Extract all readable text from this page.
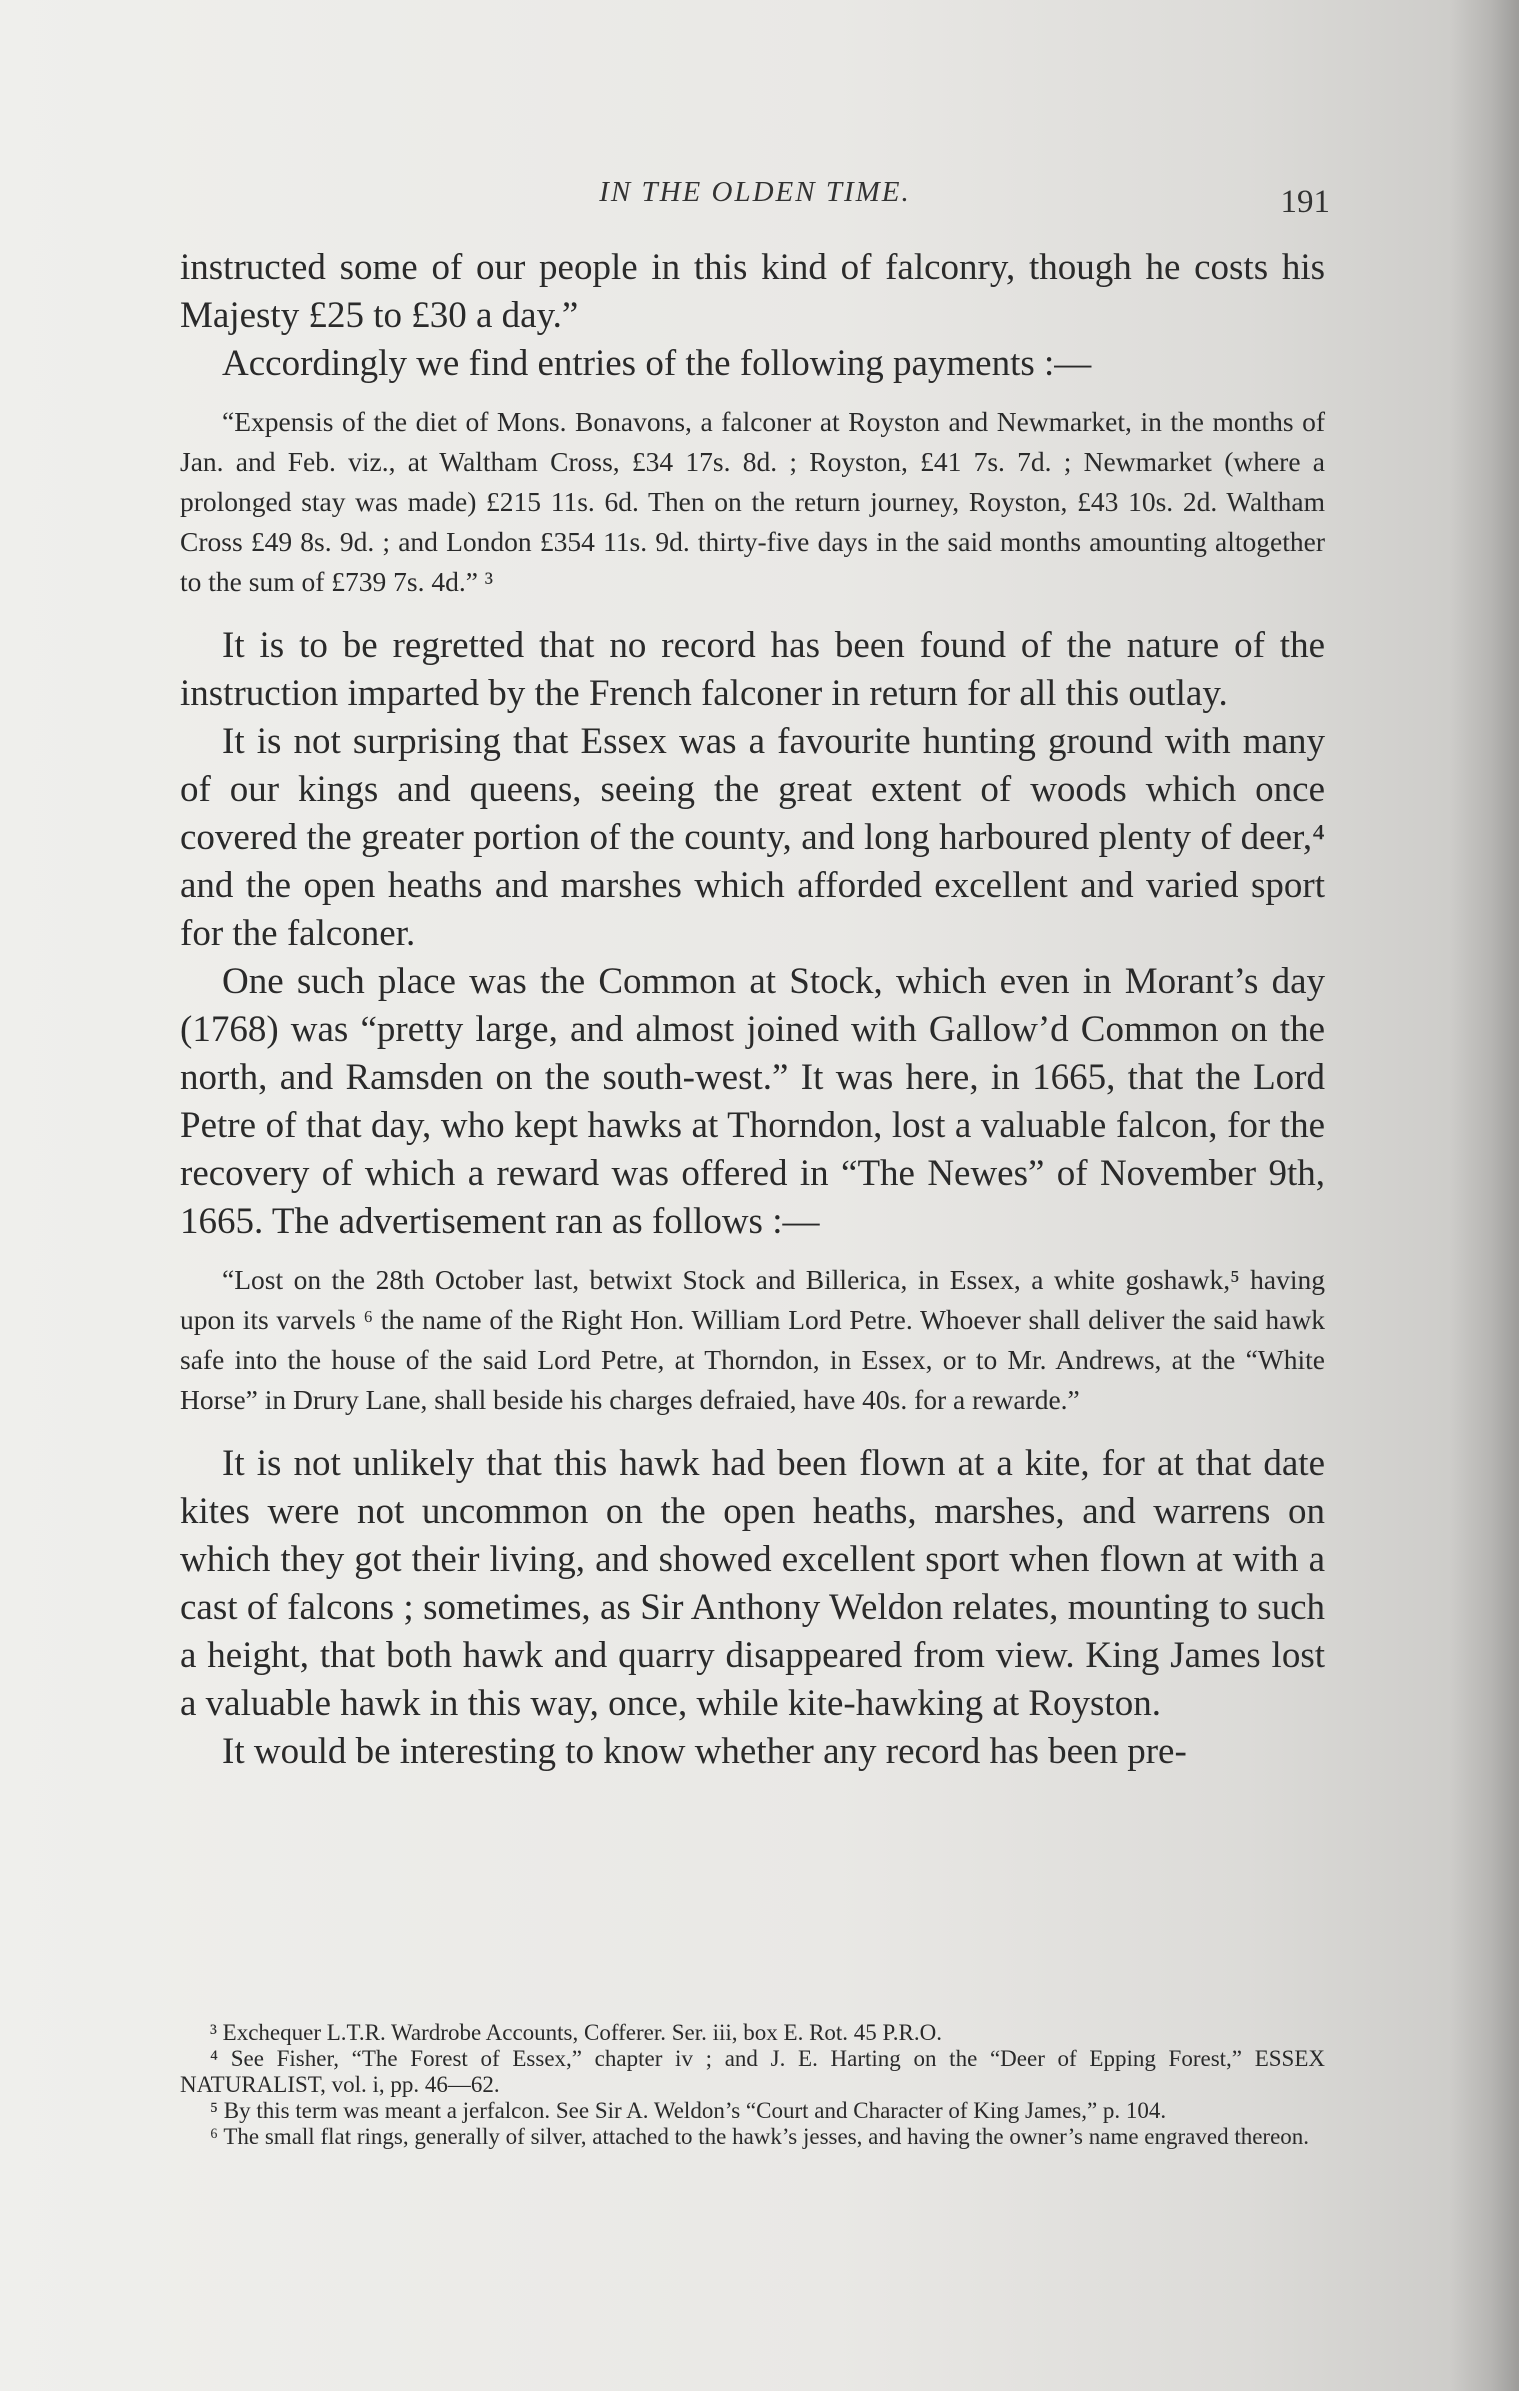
IN THE OLDEN TIME.	191

instructed some of our people in this kind of falconry, though he costs his Majesty £25 to £30 a day.”

Accordingly we find entries of the following payments :—

“Expensis of the diet of Mons. Bonavons, a falconer at Royston and Newmarket, in the months of Jan. and Feb. viz., at Waltham Cross, £34 17s. 8d. ; Royston, £41 7s. 7d. ; Newmarket (where a prolonged stay was made) £215 11s. 6d. Then on the return journey, Royston, £43 10s. 2d. Waltham Cross £49 8s. 9d. ; and London £354 11s. 9d. thirty-five days in the said months amounting altogether to the sum of £739 7s. 4d.” ³

It is to be regretted that no record has been found of the nature of the instruction imparted by the French falconer in return for all this outlay.

It is not surprising that Essex was a favourite hunting ground with many of our kings and queens, seeing the great extent of woods which once covered the greater portion of the county, and long harboured plenty of deer,⁴ and the open heaths and marshes which afforded excellent and varied sport for the falconer.

One such place was the Common at Stock, which even in Morant’s day (1768) was “pretty large, and almost joined with Gallow’d Common on the north, and Ramsden on the south-west.” It was here, in 1665, that the Lord Petre of that day, who kept hawks at Thorndon, lost a valuable falcon, for the recovery of which a reward was offered in “The Newes” of November 9th, 1665. The advertisement ran as follows :—

“Lost on the 28th October last, betwixt Stock and Billerica, in Essex, a white goshawk,⁵ having upon its varvels ⁶ the name of the Right Hon. William Lord Petre. Whoever shall deliver the said hawk safe into the house of the said Lord Petre, at Thorndon, in Essex, or to Mr. Andrews, at the “White Horse” in Drury Lane, shall beside his charges defraied, have 40s. for a rewarde.”

It is not unlikely that this hawk had been flown at a kite, for at that date kites were not uncommon on the open heaths, marshes, and warrens on which they got their living, and showed excellent sport when flown at with a cast of falcons ; sometimes, as Sir Anthony Weldon relates, mounting to such a height, that both hawk and quarry disappeared from view. King James lost a valuable hawk in this way, once, while kite-hawking at Royston.

It would be interesting to know whether any record has been pre-

³ Exchequer L.T.R. Wardrobe Accounts, Cofferer. Ser. iii, box E. Rot. 45 P.R.O.

⁴ See Fisher, “The Forest of Essex,” chapter iv ; and J. E. Harting on the “Deer of Epping Forest,” ESSEX NATURALIST, vol. i, pp. 46—62.

⁵ By this term was meant a jerfalcon. See Sir A. Weldon’s “Court and Character of King James,” p. 104.

⁶ The small flat rings, generally of silver, attached to the hawk’s jesses, and having the owner’s name engraved thereon.
